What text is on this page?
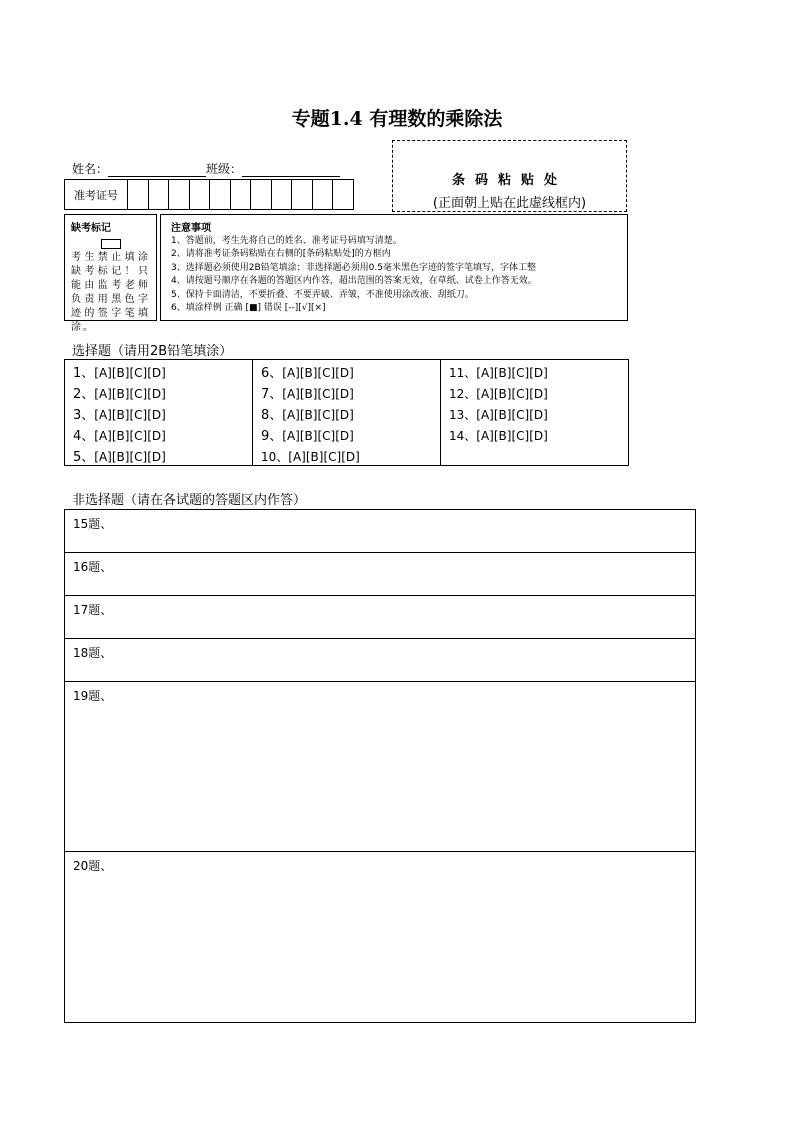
专题1.4 有理数的乘除法
姓名：	班级：
准考证号
条码粘贴处
(正面朝上贴在此虚线框内)
缺考标记
考生禁止填涂缺考标记！只能由监考老师负责用黑色字迹的签字笔填涂。
注意事项
1、答题前，考生先将自己的姓名、准考证号码填写清楚。
2、请将准考证条码粘贴在右侧的[条码粘贴处]的方框内
3、选择题必须使用2B铅笔填涂；非选择题必须用0.5毫米黑色字迹的签字笔填写，字体工整
4、请按题号顺序在各题的答题区内作答，超出范围的答案无效，在草纸、试卷上作答无效。
5、保持卡面清洁，不要折叠、不要弄破、弄皱，不准使用涂改液、刮纸刀。
6、填涂样例 正确 [■] 错误 [--][√][×]
选择题（请用2B铅笔填涂）
1、[A][B][C][D]
2、[A][B][C][D]
3、[A][B][C][D]
4、[A][B][C][D]
5、[A][B][C][D]
6、[A][B][C][D]
7、[A][B][C][D]
8、[A][B][C][D]
9、[A][B][C][D]
10、[A][B][C][D]
11、[A][B][C][D]
12、[A][B][C][D]
13、[A][B][C][D]
14、[A][B][C][D]
非选择题（请在各试题的答题区内作答）
15题、
16题、
17题、
18题、
19题、
20题、
